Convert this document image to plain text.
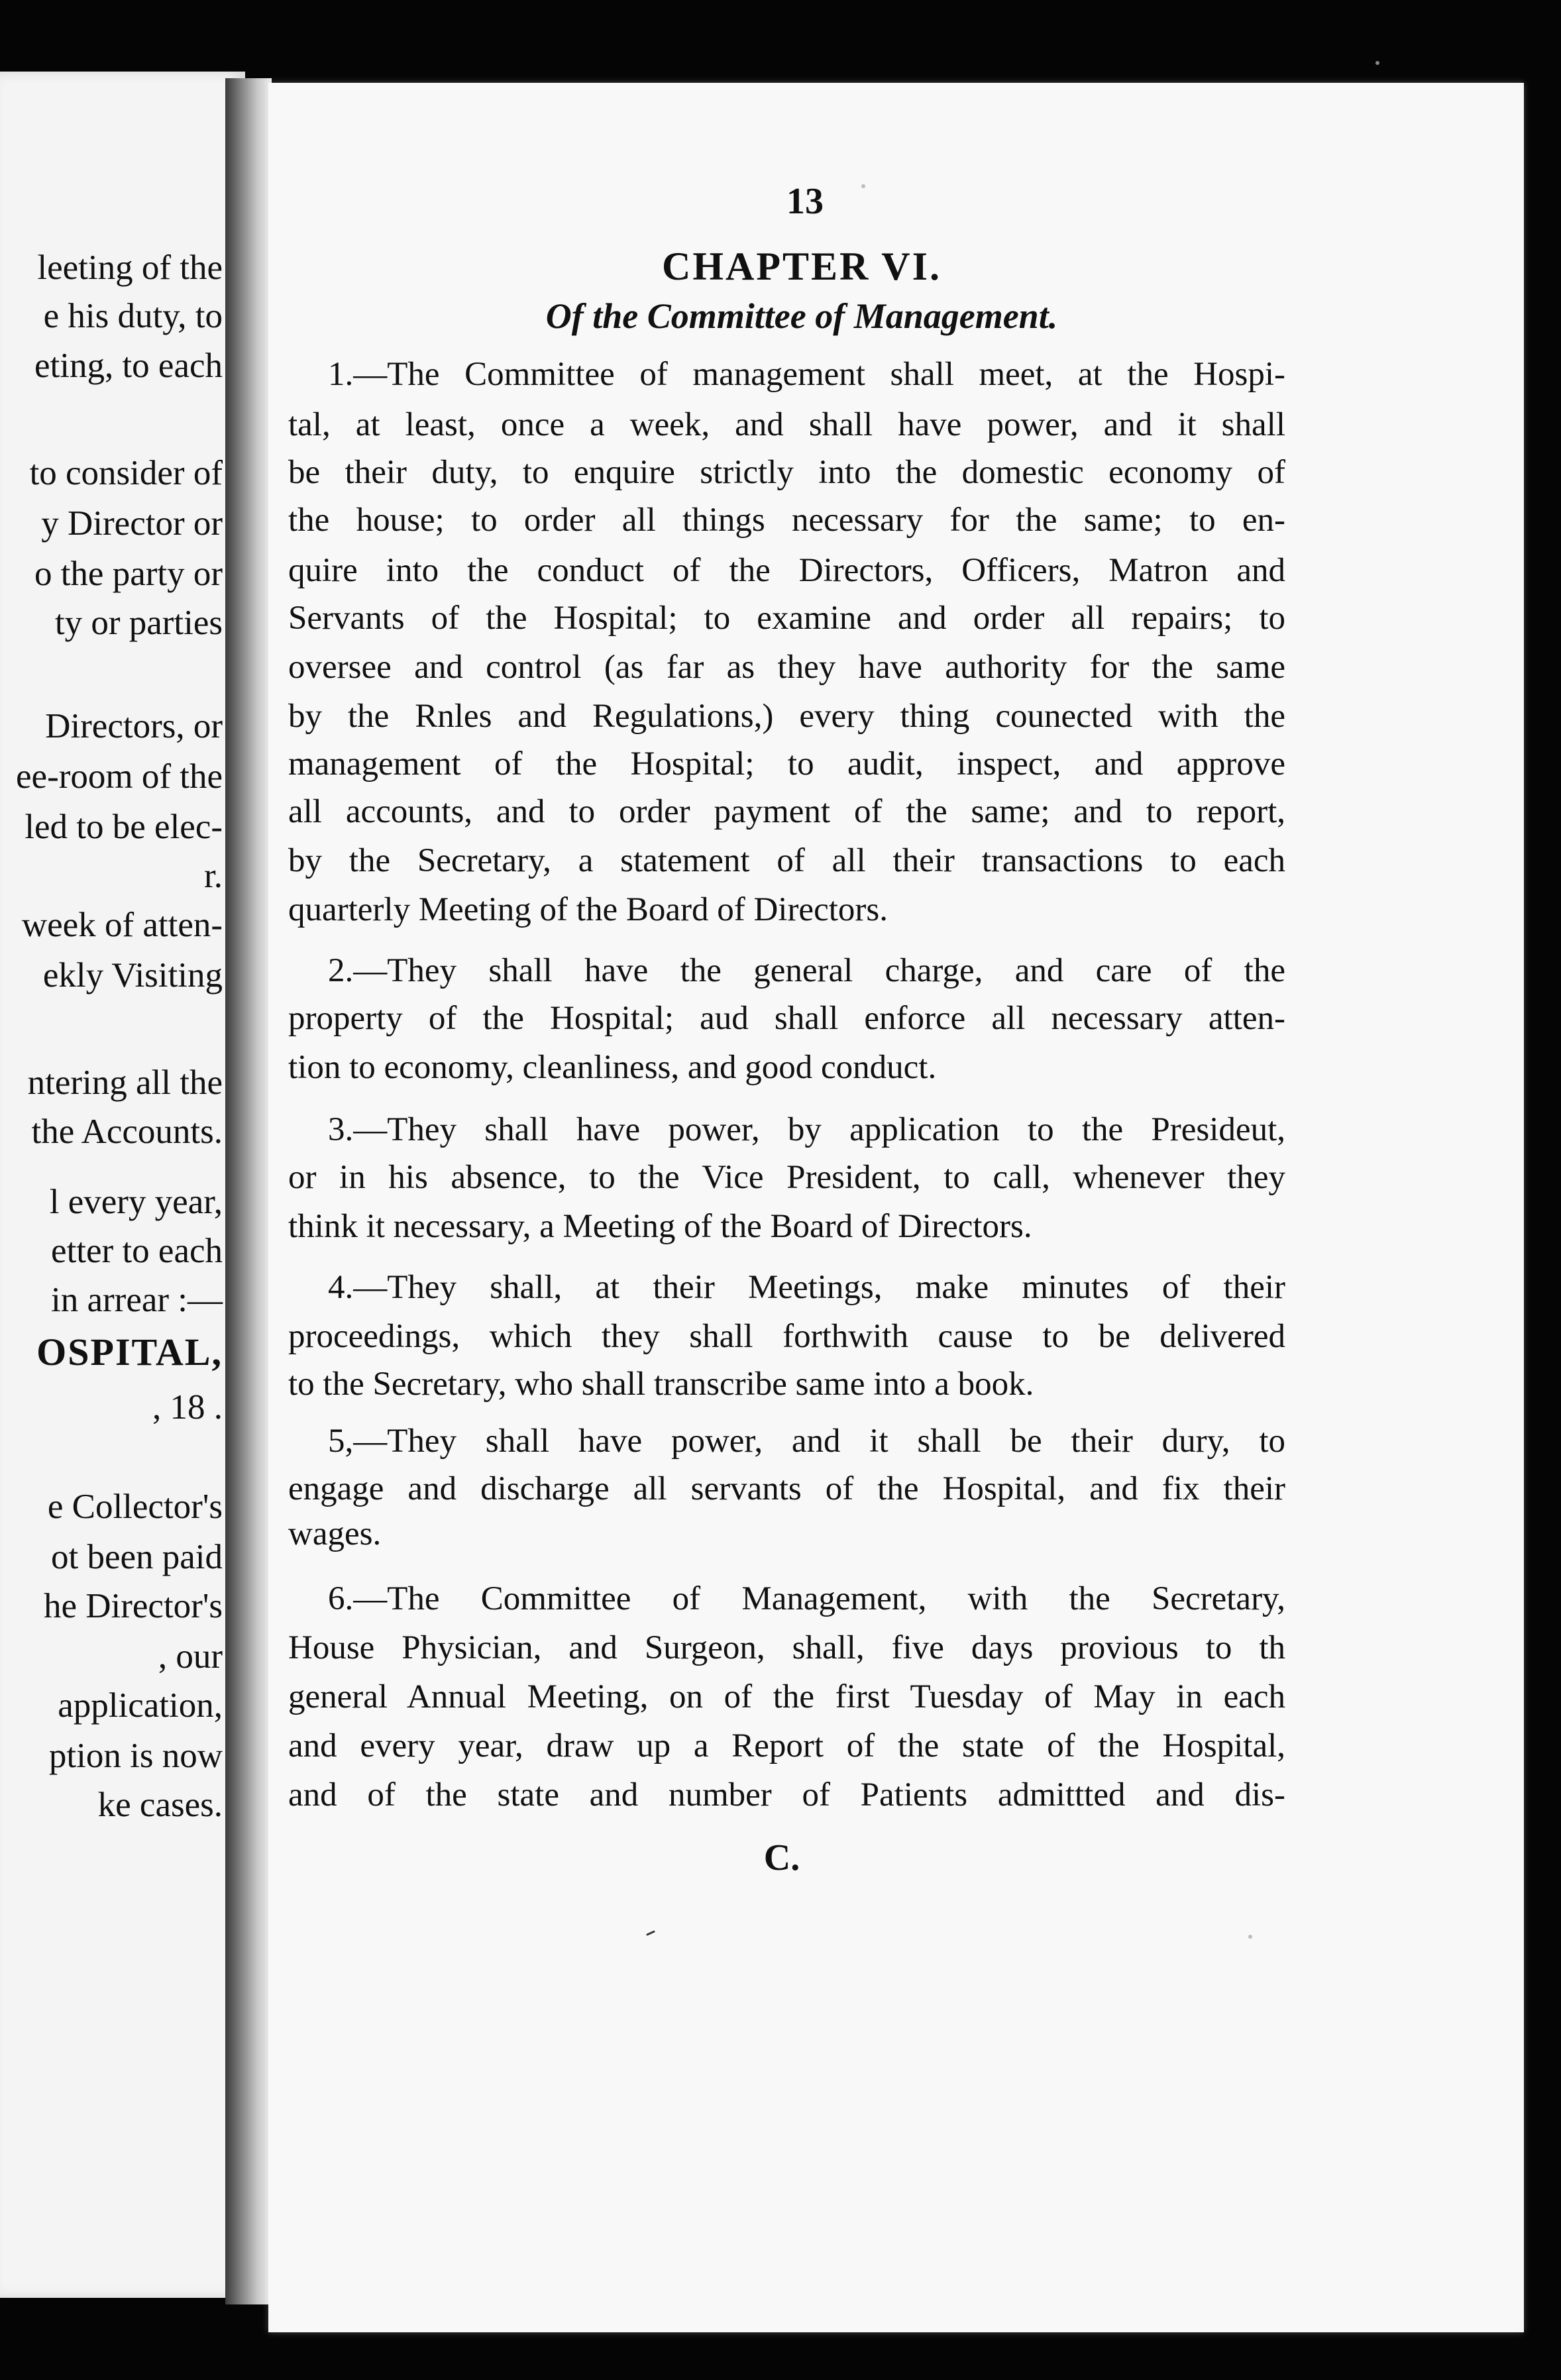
leeting of the
e his duty, to
eting, to each
to consider of
y Director or
o the party or
ty or parties
Directors, or
ee-room of the
led to be elec-
r.
week of atten-
ekly Visiting
ntering all the
the Accounts.
l every year,
etter to each
in arrear :—
OSPITAL,
, 18 .
e Collector's
ot been paid
he Director's
, our
application,
ption is now
ke cases.
13
CHAPTER VI.
Of the Committee of Management.
1.—The Committee of management shall meet, at the Hospi-
tal, at least, once a week, and shall have power, and it shall
be their duty, to enquire strictly into the domestic economy of
the house; to order all things necessary for the same; to en-
quire into the conduct of the Directors, Officers, Matron and
Servants of the Hospital; to examine and order all repairs; to
oversee and control (as far as they have authority for the same
by the Rnles and Regulations,) every thing counected with the
management of the Hospital; to audit, inspect, and approve
all accounts, and to order payment of the same; and to report,
by the Secretary, a statement of all their transactions to each
quarterly Meeting of the Board of Directors.
2.—They shall have the general charge, and care of the
property of the Hospital; aud shall enforce all necessary atten-
tion to economy, cleanliness, and good conduct.
3.—They shall have power, by application to the Presideut,
or in his absence, to the Vice President, to call, whenever they
think it necessary, a Meeting of the Board of Directors.
4.—They shall, at their Meetings, make minutes of their
proceedings, which they shall forthwith cause to be delivered
to the Secretary, who shall transcribe same into a book.
5,—They shall have power, and it shall be their dury, to
engage and discharge all servants of the Hospital, and fix their
wages.
6.—The Committee of Management, with the Secretary,
House Physician, and Surgeon, shall, five days provious to th
general Annual Meeting, on of the first Tuesday of May in each
and every year, draw up a Report of the state of the Hospital,
and of the state and number of Patients admittted and dis-
C.
